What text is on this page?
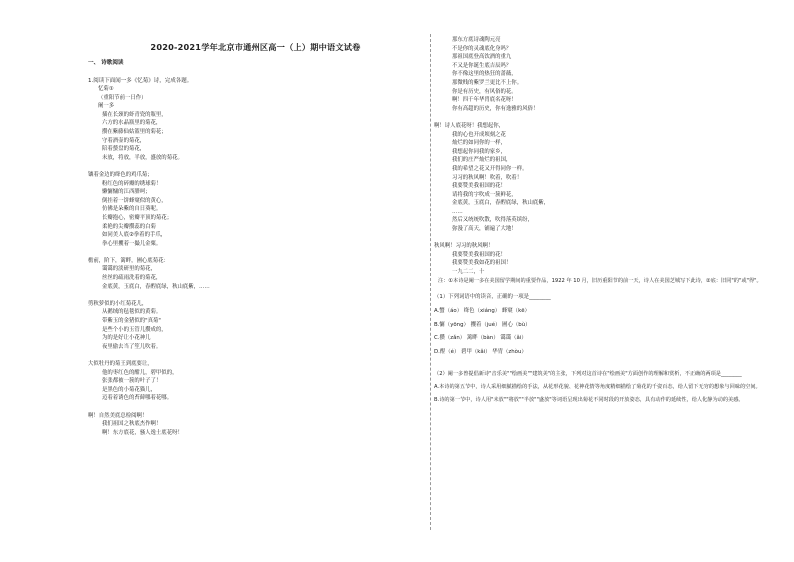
2020-2021学年北京市通州区高一（上）期中语文试卷
一、 诗歌阅读
1.阅读下面闻一多《忆菊》诗，完成各题。
忆菊①
（重阳节前一日作）
阑一多
插在长颈的虾青瓷的瓶里，
六方的水晶瓶里的菊花，
攒在紫藤仙姑篮里的菊花；
守着酒壶的菊花，
陪着螯盘的菊花，
未放，将放，半放，盛放的菊花。
镶着金边的绛色的鸡爪菊；
粉红色的碎瓣的绣球菊！
懒慵慵的江西腊呵；
倒挂着一饼蜂窠似的黄心，
仿佛是朵紫的自日葵呢。
长瓣抱心，密瓣平顶的菊花；
柔艳的尖瓣攒蕊的白菊
如同美人底②拳着的手爪，
拳心里攫着一撮儿金粟。
檐前，阶下，篱畔，圃心底菊花：
霭霭的淡研里的菊花，
丝丝的疏雨洗着的菊花，
金底黄，玉底白，春酲底绿，秋山底紫，……
剪秋萝似的小红菊花儿，
从鹅绒的毡毯似的黄菊。
带紫玉的金猪似的"真菊"
是些个小的玉管儿攒成的，
为的是好让小花神儿
夜里偷去当了笙儿吹着。
大似牡丹的菊王到底要让，
他的枣红色的酣儿，碧甲似的，
张张都被一簇的叶子了！
是黑色的小菊花猫儿，
迈着着诱色的苔藓哪着花哪。
啊！自然美底总检阅啊！
我们祖国之秋底杰作啊！
啊！东方底花，骚人逸士底花呀！
那东方底诗魂陶元亮
不是你的灵魂底化身吗？
那祖国底登高饮酒的重九
不又是你诞生底吉辰吗？
你不像这里的热狂的蔷薇，
那微贱的紫罗兰更比不上你。
你是有历史，有风俗的花。
啊！四千年华胄底名花呀！
你有高超的历史，你有逸雅的风俗！
啊！诗人底花呀！我想起你，
我的心也开成顷刻之花
灿烂的如同你的一样，
我想起你同我的家乡，
我们的庄严灿烂的祖国，
我的希望之花又开得同你一样。
习习的秋风啊！吹着，吹着！
我要赞美我祖国的花！
请将我的字吹成一簇鲜花，
金底黄，玉底白，春酲底绿，秋山底紫，
……
然后又统统吹散，吹得落英缤纷，
弥漫了高天，铺遍了大地！
秋风啊！习习的秋风啊！
我要赞美我祖国的花！
我要赞美我如花的祖国！
一九二二，十
注：①本诗是阑一多在美国留学期间的重要作品，1922 年 10 月，旧历重阳节的前一天，诗人在美国芝城写下此诗，②底：旧同"的"或"得"。
（1）下列词语中的读音，正确的一项是________
A.蟹（áo） 绛色（xiáng） 蜂窠（kē）
B.慵（yōng） 攫着（jué） 圃心（bù）
C.攒（zǎn） 篱畔（bàn） 霭霭（ǎi）
D.酲（é） 碧甲（kǎi） 华胄（zhòu）
（2）阑一多曾提倡新诗"音乐美""绘画美""建筑美"的主张，下列对这首诗在"绘画美"方面创作的理解和赏析，不正确的两项是________
A.本诗的第五节中，诗人采用细腻描绘的手法，从花形花貌、花神花情等角度精细描绘了菊花的千姿百态，给人留下无穷的想象与回味的空间。
B.诗的第一节中，诗人用"未放""将放""半放""盛放"等词语呈现出菊花不同时段的开放姿态，具有动作的延续性，给人化静为动的美感。
